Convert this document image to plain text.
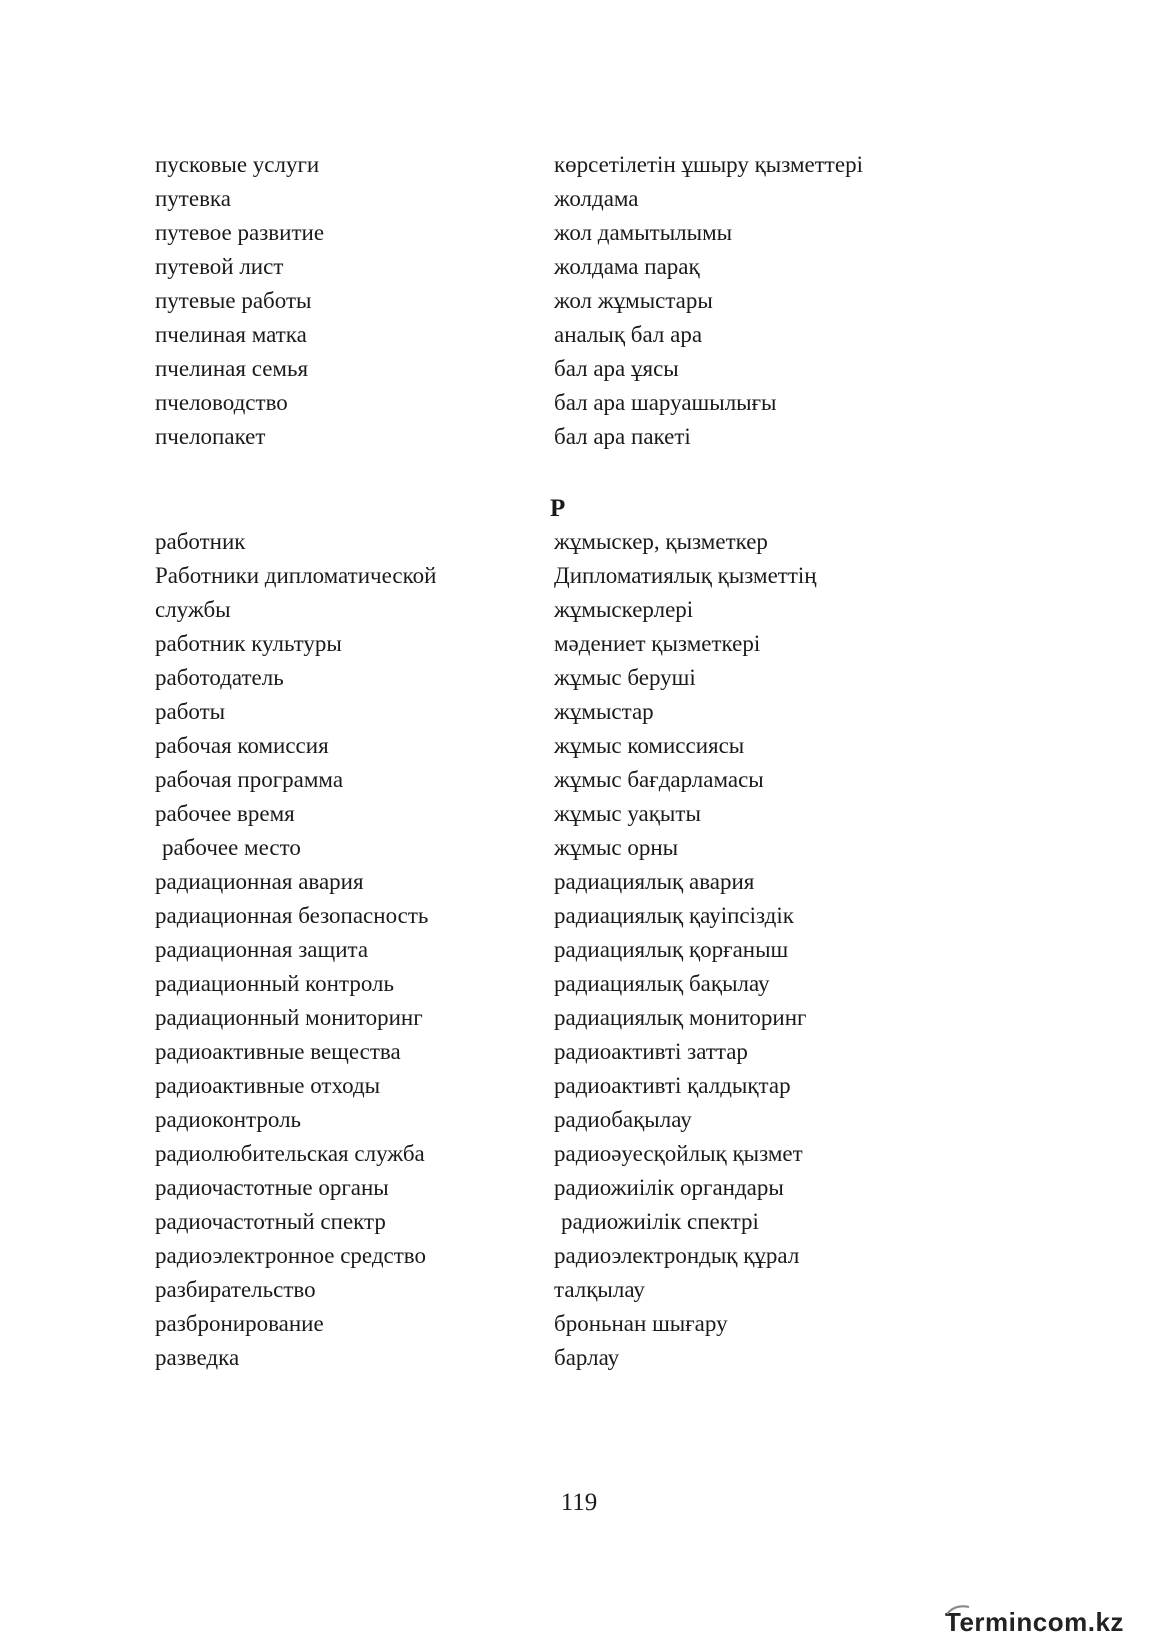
пусковые услуги	көрсетілетін ұшыру қызметтері
путевка	жолдама
путевое развитие	жол дамытылымы
путевой лист	жолдама парақ
путевые работы	жол жұмыстары
пчелиная матка	аналық бал ара
пчелиная семья	бал ара ұясы
пчеловодство	бал ара шаруашылығы
пчелопакет	бал ара пакеті
Р
работник	жұмыскер, қызметкер
Работники дипломатической	Дипломатиялық қызметтің
службы	жұмыскерлері
работник культуры	мәдениет қызметкері
работодатель	жұмыс беруші
работы	жұмыстар
рабочая комиссия	жұмыс комиссиясы
рабочая программа	жұмыс бағдарламасы
рабочее время	жұмыс уақыты
рабочее место	жұмыс орны
радиационная авария	радиациялық авария
радиационная безопасность	радиациялық қауіпсіздік
радиационная защита	радиациялық қорғаныш
радиационный контроль	радиациялық бақылау
радиационный мониторинг	радиациялық мониторинг
радиоактивные вещества	радиоактивті заттар
радиоактивные отходы	радиоактивті қалдықтар
радиоконтроль	радиобақылау
радиолюбительская служба	радиоәуесқойлық қызмет
радиочастотные органы	радиожиілік органдары
радиочастотный спектр	радиожиілік спектрі
радиоэлектронное средство	радиоэлектрондық құрал
разбирательство	талқылау
разбронирование	броньнан шығару
разведка	барлау
119
Termincom.kz
